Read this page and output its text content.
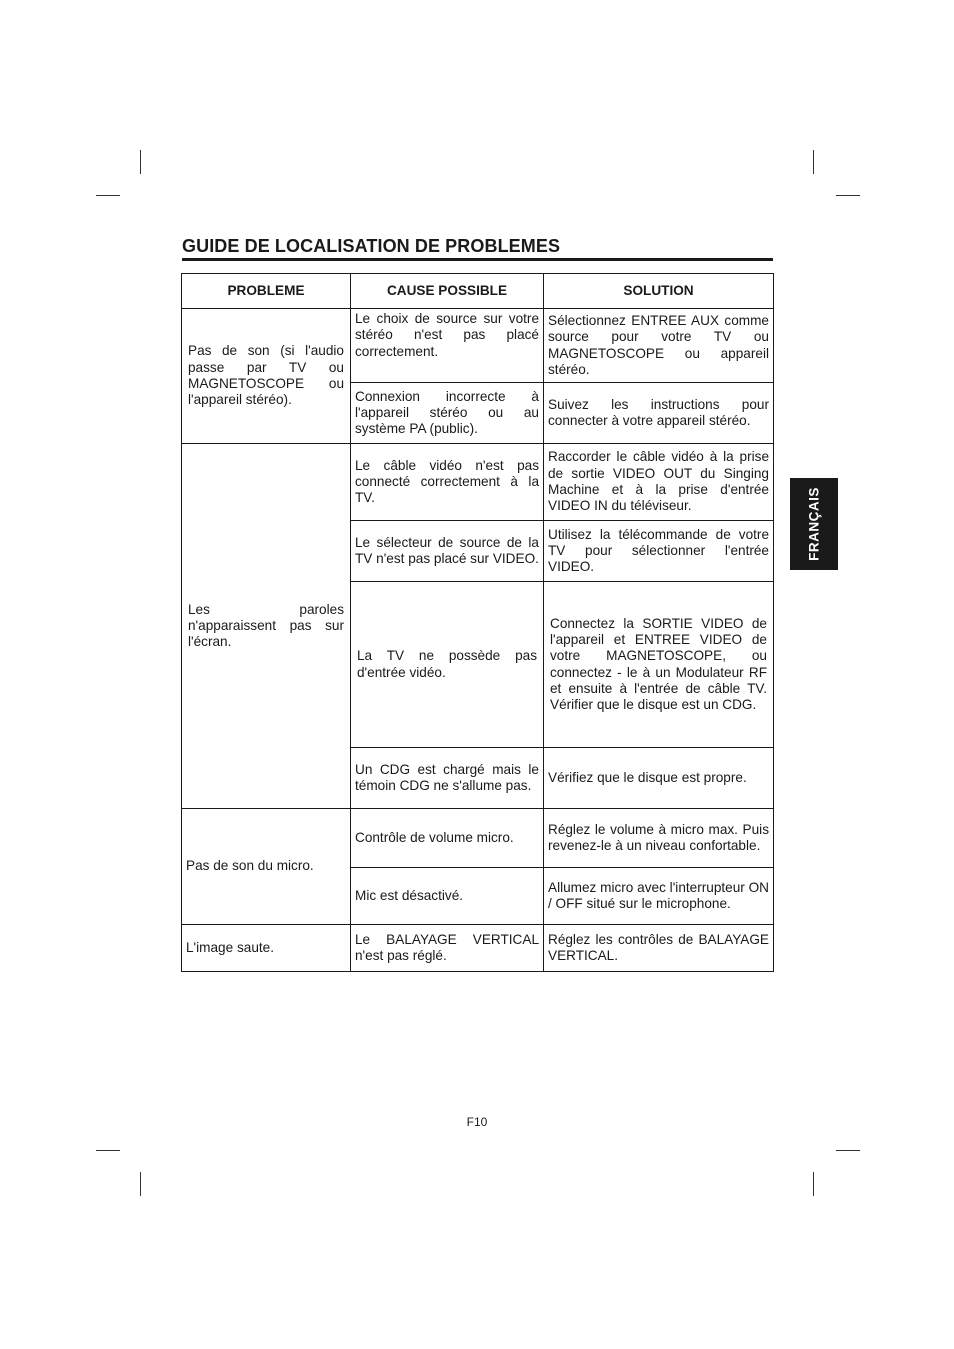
GUIDE DE LOCALISATION DE PROBLEMES
PROBLEME	CAUSE POSSIBLE	SOLUTION
Pas de son (si l'audio passe par TV ou MAGNETOSCOPE ou l'appareil stéréo).	Le choix de source sur votre stéréo n'est pas placé correctement.	Sélectionnez ENTREE AUX comme source pour votre TV ou MAGNETOSCOPE ou appareil stéréo.
	Connexion incorrecte à l'appareil stéréo ou au système PA (public).	Suivez les instructions pour connecter à votre appareil stéréo.
Les paroles n'apparaissent pas sur l'écran.	Le câble vidéo n'est pas connecté correctement à la TV.	Raccorder le câble vidéo à la prise de sortie VIDEO OUT du Singing Machine et à la prise d'entrée VIDEO IN du téléviseur.
	Le sélecteur de source de la TV n'est pas placé sur VIDEO.	Utilisez la télécommande de votre TV pour sélectionner l'entrée VIDEO.
	La TV ne possède pas d'entrée vidéo.	Connectez la SORTIE VIDEO de l'appareil et ENTREE VIDEO de votre MAGNETOSCOPE, ou connectez - le à un Modulateur RF et ensuite à l'entrée de câble TV. Vérifier que le disque est un CDG.
	Un CDG est chargé mais le témoin CDG ne s'allume pas.	Vérifiez que le disque est propre.
Pas de son du micro.	Contrôle de volume micro.	Réglez le volume à micro max. Puis revenez-le à un niveau confortable.
	Mic est désactivé.	Allumez micro avec l'interrupteur ON / OFF situé sur le microphone.
L'image saute.	Le BALAYAGE VERTICAL n'est pas réglé.	Réglez les contrôles de BALAYAGE VERTICAL.
FRANÇAIS
F10
